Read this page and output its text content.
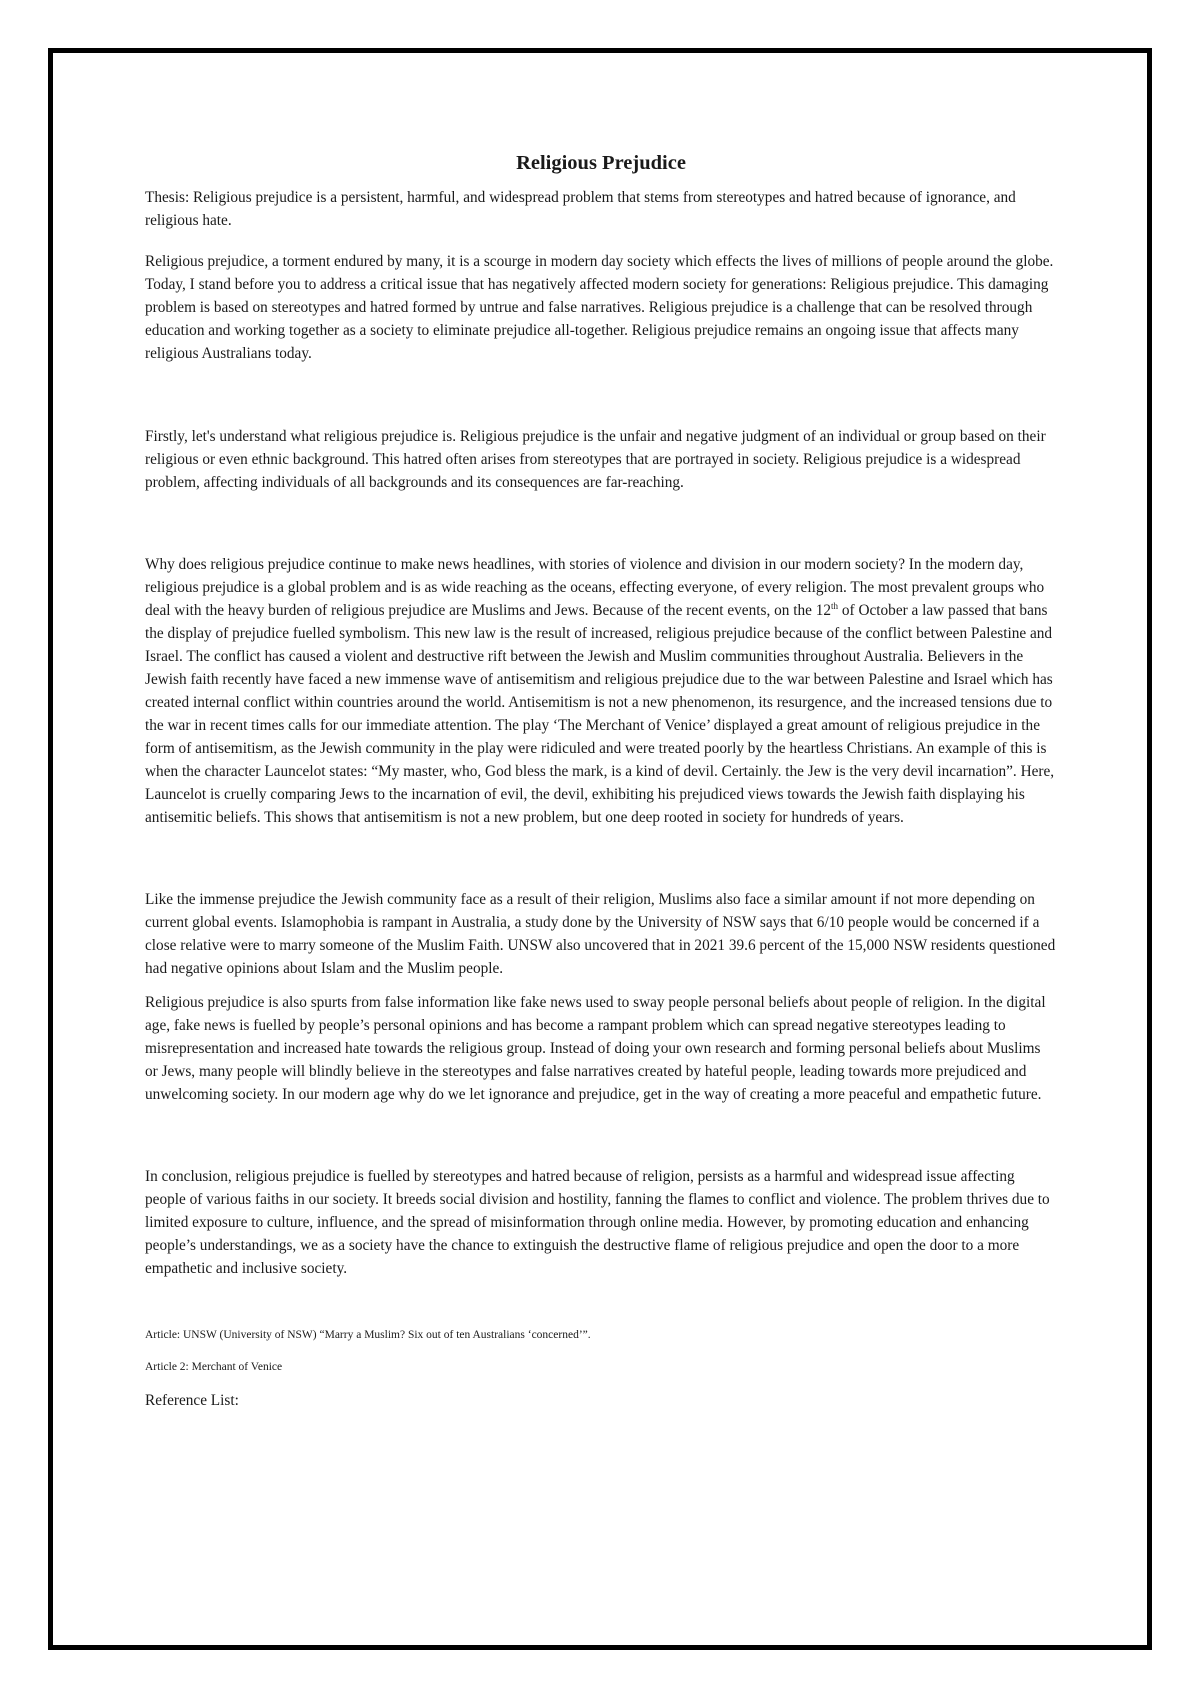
Religious Prejudice

Thesis: Religious prejudice is a persistent, harmful, and widespread problem that stems from stereotypes and hatred because of ignorance, and religious hate.

Religious prejudice, a torment endured by many, it is a scourge in modern day society which effects the lives of millions of people around the globe. Today, I stand before you to address a critical issue that has negatively affected modern society for generations: Religious prejudice. This damaging problem is based on stereotypes and hatred formed by untrue and false narratives. Religious prejudice is a challenge that can be resolved through education and working together as a society to eliminate prejudice all-together. Religious prejudice remains an ongoing issue that affects many religious Australians today.

Firstly, let's understand what religious prejudice is. Religious prejudice is the unfair and negative judgment of an individual or group based on their religious or even ethnic background. This hatred often arises from stereotypes that are portrayed in society. Religious prejudice is a widespread problem, affecting individuals of all backgrounds and its consequences are far-reaching.

Why does religious prejudice continue to make news headlines, with stories of violence and division in our modern society? In the modern day, religious prejudice is a global problem and is as wide reaching as the oceans, effecting everyone, of every religion. The most prevalent groups who deal with the heavy burden of religious prejudice are Muslims and Jews. Because of the recent events, on the 12th of October a law passed that bans the display of prejudice fuelled symbolism. This new law is the result of increased, religious prejudice because of the conflict between Palestine and Israel. The conflict has caused a violent and destructive rift between the Jewish and Muslim communities throughout Australia. Believers in the Jewish faith recently have faced a new immense wave of antisemitism and religious prejudice due to the war between Palestine and Israel which has created internal conflict within countries around the world. Antisemitism is not a new phenomenon, its resurgence, and the increased tensions due to the war in recent times calls for our immediate attention. The play ‘The Merchant of Venice’ displayed a great amount of religious prejudice in the form of antisemitism, as the Jewish community in the play were ridiculed and were treated poorly by the heartless Christians. An example of this is when the character Launcelot states: “My master, who, God bless the mark, is a kind of devil. Certainly. the Jew is the very devil incarnation”. Here, Launcelot is cruelly comparing Jews to the incarnation of evil, the devil, exhibiting his prejudiced views towards the Jewish faith displaying his antisemitic beliefs. This shows that antisemitism is not a new problem, but one deep rooted in society for hundreds of years.

Like the immense prejudice the Jewish community face as a result of their religion, Muslims also face a similar amount if not more depending on current global events. Islamophobia is rampant in Australia, a study done by the University of NSW says that 6/10 people would be concerned if a close relative were to marry someone of the Muslim Faith. UNSW also uncovered that in 2021 39.6 percent of the 15,000 NSW residents questioned had negative opinions about Islam and the Muslim people.

Religious prejudice is also spurts from false information like fake news used to sway people personal beliefs about people of religion. In the digital age, fake news is fuelled by people’s personal opinions and has become a rampant problem which can spread negative stereotypes leading to misrepresentation and increased hate towards the religious group. Instead of doing your own research and forming personal beliefs about Muslims or Jews, many people will blindly believe in the stereotypes and false narratives created by hateful people, leading towards more prejudiced and unwelcoming society. In our modern age why do we let ignorance and prejudice, get in the way of creating a more peaceful and empathetic future.

In conclusion, religious prejudice is fuelled by stereotypes and hatred because of religion, persists as a harmful and widespread issue affecting people of various faiths in our society. It breeds social division and hostility, fanning the flames to conflict and violence. The problem thrives due to limited exposure to culture, influence, and the spread of misinformation through online media. However, by promoting education and enhancing people’s understandings, we as a society have the chance to extinguish the destructive flame of religious prejudice and open the door to a more empathetic and inclusive society.

Article: UNSW (University of NSW) “Marry a Muslim? Six out of ten Australians ‘concerned’”.

Article 2: Merchant of Venice

Reference List:
